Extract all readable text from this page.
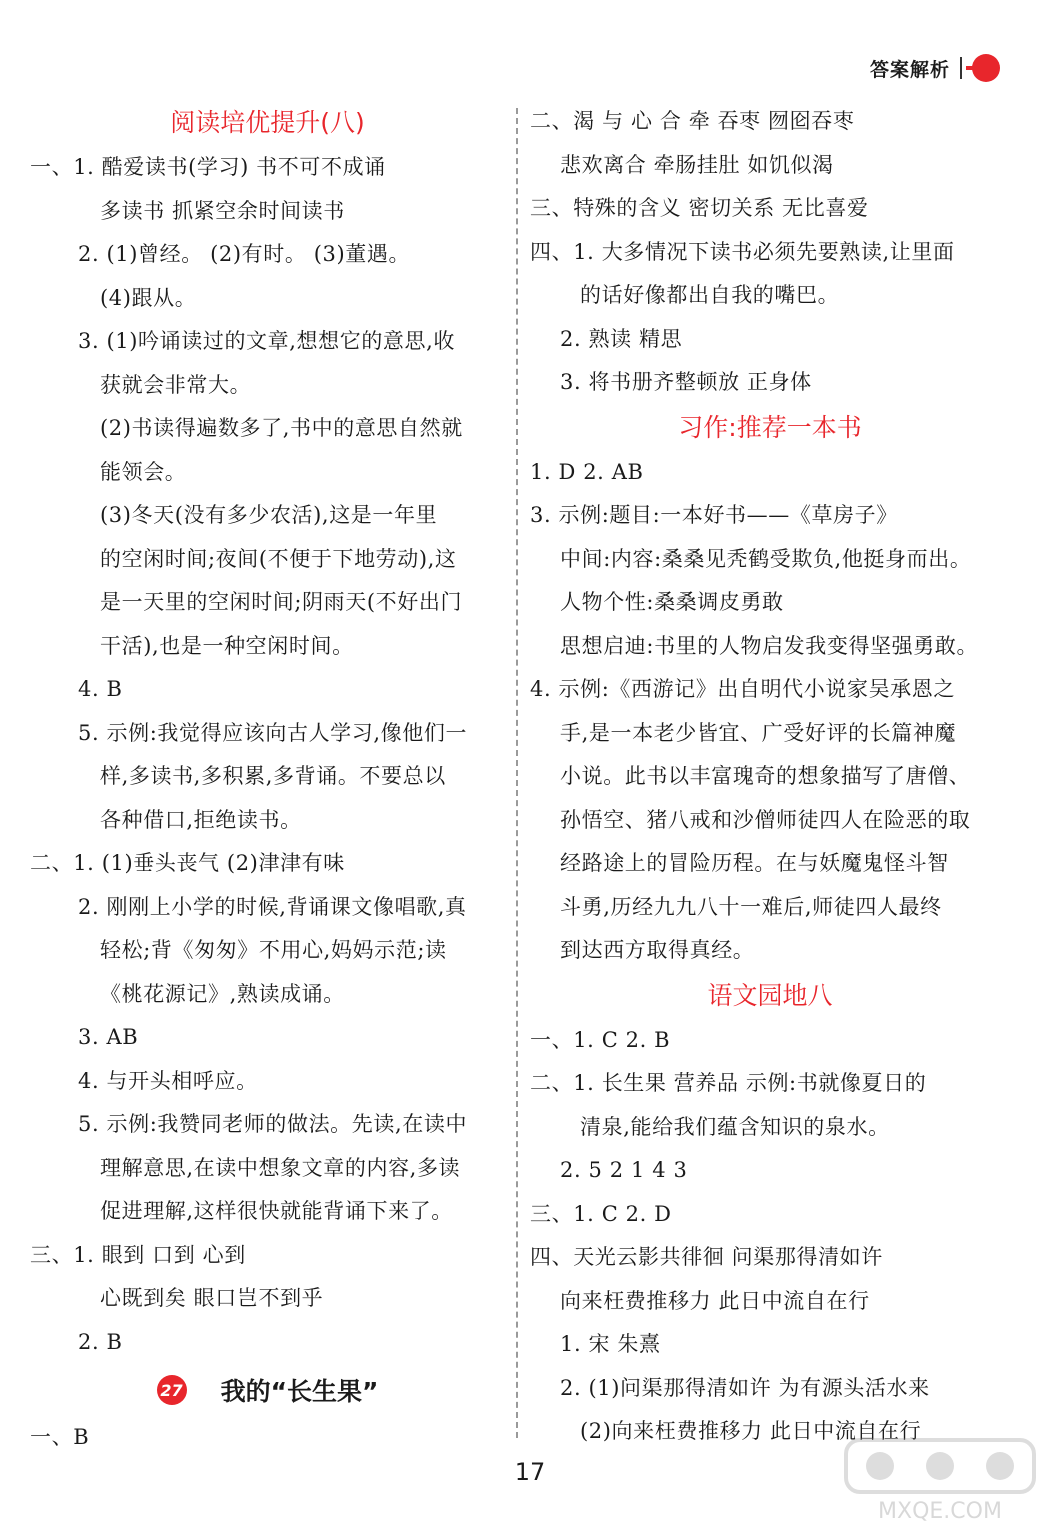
答案解析
阅读培优提升(八)
一、1. 酷爱读书(学习) 书不可不成诵
多读书 抓紧空余时间读书
2. (1)曾经。 (2)有时。 (3)董遇。
(4)跟从。
3. (1)吟诵读过的文章,想想它的意思,收
获就会非常大。
(2)书读得遍数多了,书中的意思自然就
能领会。
(3)冬天(没有多少农活),这是一年里
的空闲时间;夜间(不便于下地劳动),这
是一天里的空闲时间;阴雨天(不好出门
干活),也是一种空闲时间。
4. B
5. 示例:我觉得应该向古人学习,像他们一
样,多读书,多积累,多背诵。不要总以
各种借口,拒绝读书。
二、1. (1)垂头丧气 (2)津津有味
2. 刚刚上小学的时候,背诵课文像唱歌,真
轻松;背《匆匆》不用心,妈妈示范;读
《桃花源记》,熟读成诵。
3. AB
4. 与开头相呼应。
5. 示例:我赞同老师的做法。先读,在读中
理解意思,在读中想象文章的内容,多读
促进理解,这样很快就能背诵下来了。
三、1. 眼到 口到 心到
心既到矣 眼口岂不到乎
2. B
27 我的“长生果”
一、B
二、渴 与 心 合 牵 吞枣 囫囵吞枣
悲欢离合 牵肠挂肚 如饥似渴
三、特殊的含义 密切关系 无比喜爱
四、1. 大多情况下读书必须先要熟读,让里面
的话好像都出自我的嘴巴。
2. 熟读 精思
3. 将书册齐整顿放 正身体
习作:推荐一本书
1. D 2. AB
3. 示例:题目:一本好书——《草房子》
中间:内容:桑桑见秃鹤受欺负,他挺身而出。
人物个性:桑桑调皮勇敢
思想启迪:书里的人物启发我变得坚强勇敢。
4. 示例:《西游记》出自明代小说家吴承恩之
手,是一本老少皆宜、广受好评的长篇神魔
小说。此书以丰富瑰奇的想象描写了唐僧、
孙悟空、猪八戒和沙僧师徒四人在险恶的取
经路途上的冒险历程。在与妖魔鬼怪斗智
斗勇,历经九九八十一难后,师徒四人最终
到达西方取得真经。
语文园地八
一、1. C 2. B
二、1. 长生果 营养品 示例:书就像夏日的
清泉,能给我们蕴含知识的泉水。
2. 5 2 1 4 3
三、1. C 2. D
四、天光云影共徘徊 问渠那得清如许
向来枉费推移力 此日中流自在行
1. 宋 朱熹
2. (1)问渠那得清如许 为有源头活水来
(2)向来枉费推移力 此日中流自在行
17
MXQE.COM
